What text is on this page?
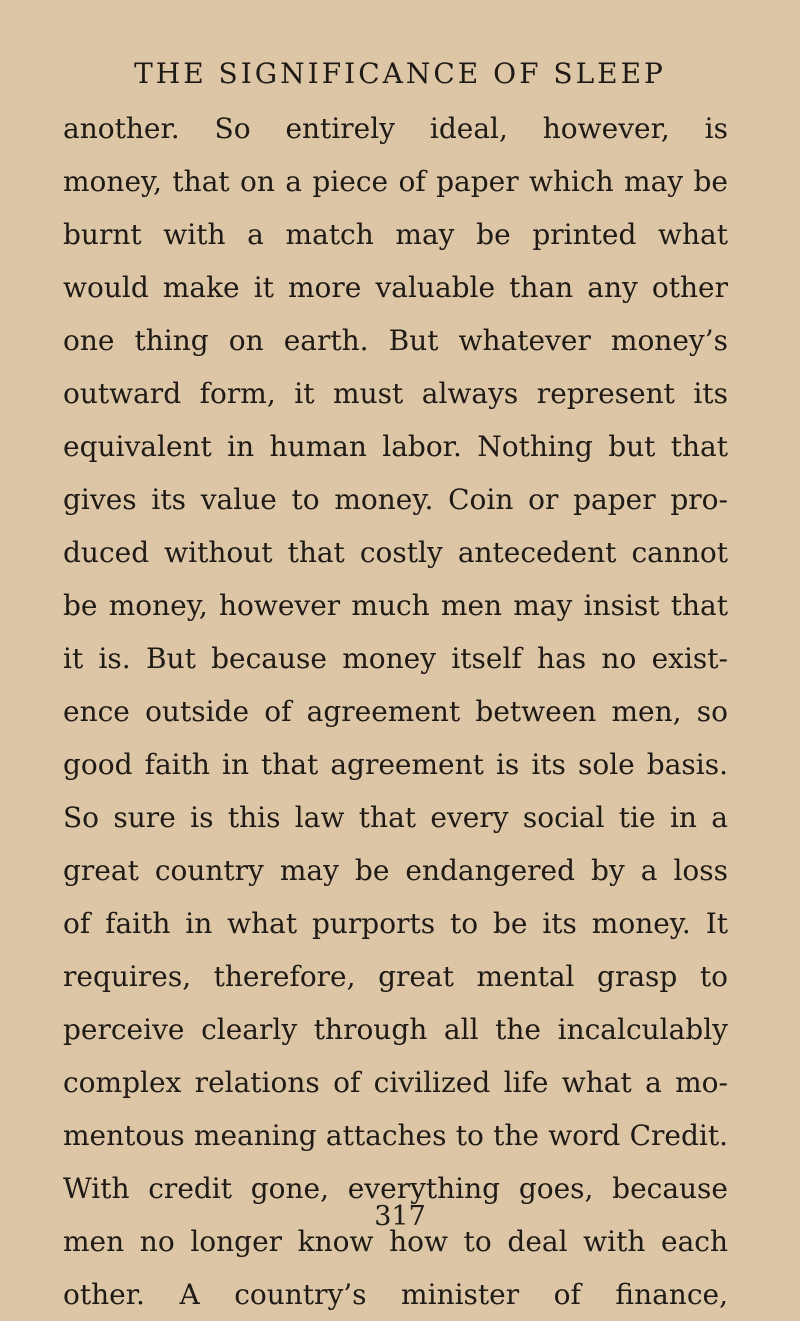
THE SIGNIFICANCE OF SLEEP
another. So entirely ideal, however, is
money, that on a piece of paper which may be
burnt with a match may be printed what
would make it more valuable than any other
one thing on earth. But whatever money’s
outward form, it must always represent its
equivalent in human labor. Nothing but that
gives its value to money. Coin or paper pro-
duced without that costly antecedent cannot
be money, however much men may insist that
it is. But because money itself has no exist-
ence outside of agreement between men, so
good faith in that agreement is its sole basis.
So sure is this law that every social tie in a
great country may be endangered by a loss
of faith in what purports to be its money. It
requires, therefore, great mental grasp to
perceive clearly through all the incalculably
complex relations of civilized life what a mo-
mentous meaning attaches to the word Credit.
With credit gone, everything goes, because
men no longer know how to deal with each
other. A country’s minister of finance,
317
